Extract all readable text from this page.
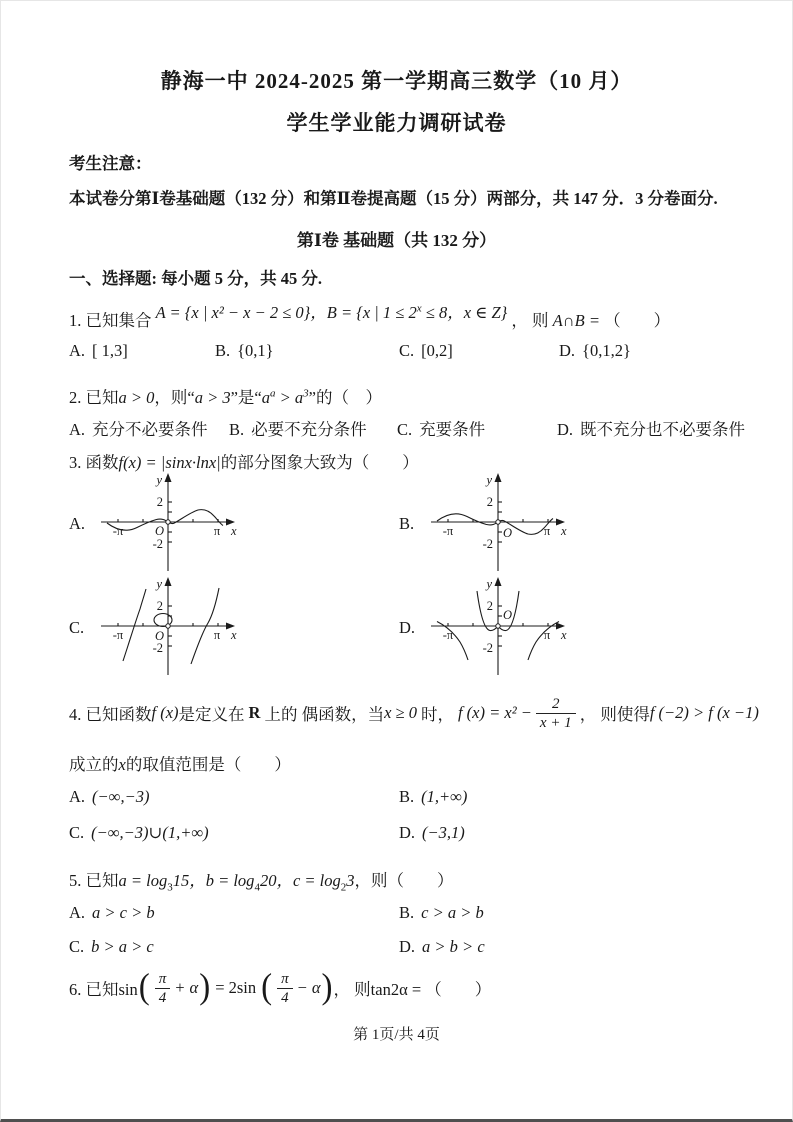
静海一中 2024-2025 第一学期高三数学（10 月）
学生学业能力调研试卷
考生注意：
本试卷分第Ⅰ卷基础题（132 分）和第Ⅱ卷提高题（15 分）两部分，共 147 分．3 分卷面分.
第Ⅰ卷 基础题（共 132 分）
一、选择题: 每小题 5 分，共 45 分.
1. 已知集合 A = {x | x² − x − 2 ≤ 0}，B = {x | $1 \le 2^x \le 8$，x ∈ Z} ， 则 A∩B = （　　）
A. [ 1,3]	B. {0,1}	C. [0,2]	D. {0,1,2}
2. 已知a > 0，则“a > 3”是“$a^a > a^3$”的（　）
A. 充分不必要条件 B. 必要不充分条件 C. 充要条件	D. 既不充分也不必要条件
3. 函数f(x) = |sinx·lnx|的部分图象大致为（　　）
A.
y
2
-2
O
-π	π x	B.
y
2
-2
O
-π	π x
C.
y
2
-2
O
-π	π x	D.
y
2
-2
O
-π	π x
4. 已知函数 f (x) 是定义在 R 上的 偶函数，当 x ≥ 0 时， f $(x) = x^2 - \frac{2}{x + 1}$ ， 则使得 f (−2) > f (x −1)
成立的x的取值范围是（　　）
A. (−∞,−3)	B. (1,+∞)
C. (−∞,−3)∪(1,+∞)	D. (−3,1)
5. 已知$a = \log_315$，$b = \log_420$，$c = \log_23$，则（　　）
A. a > c > b	B. c > a > b
C. b > a > c	D. a > b > c
6. 已知sin ( $\frac{\pi}{4} + \alpha$ ) = 2sin ( $\frac{\pi}{4} - \alpha$ ) ， 则tan2α = （　　）
第 1页/共 4页
